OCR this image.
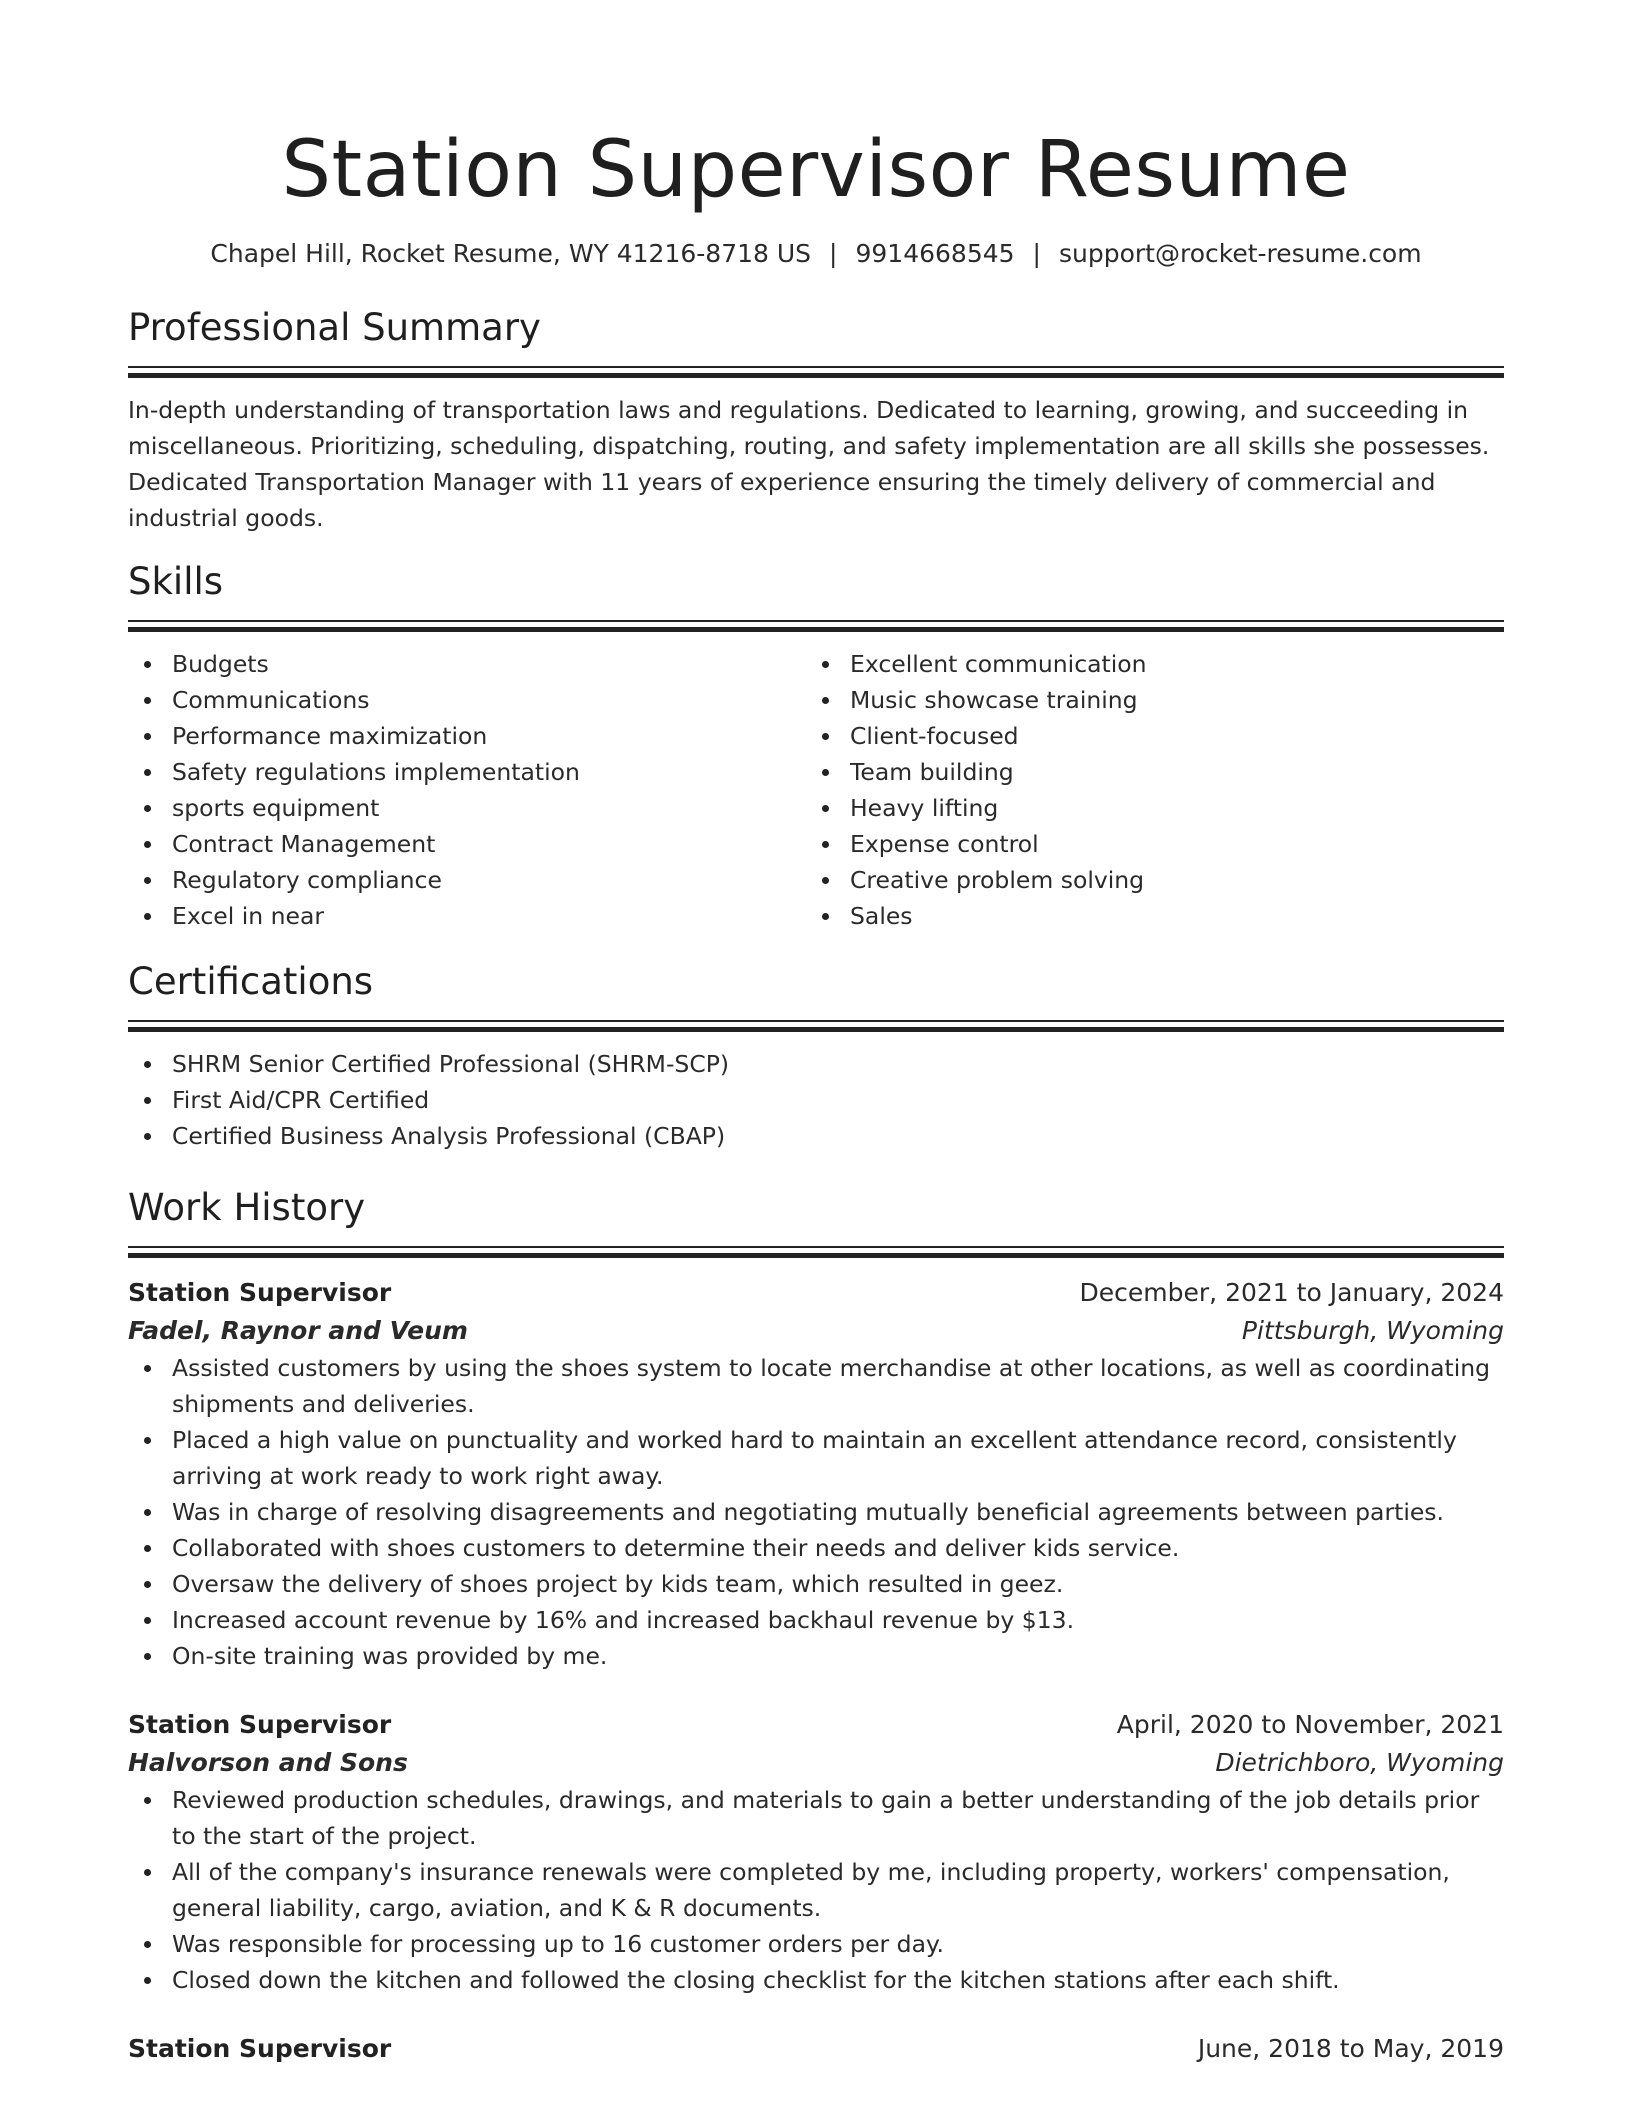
Station Supervisor Resume
Chapel Hill, Rocket Resume, WY 41216-8718 US | 9914668545 | support@rocket-resume.com
Professional Summary

In-depth understanding of transportation laws and regulations. Dedicated to learning, growing, and succeeding in miscellaneous. Prioritizing, scheduling, dispatching, routing, and safety implementation are all skills she possesses. Dedicated Transportation Manager with 11 years of experience ensuring the timely delivery of commercial and industrial goods.

Skills
Budgets
Communications
Performance maximization
Safety regulations implementation
sports equipment
Contract Management
Regulatory compliance
Excel in near
Excellent communication
Music showcase training
Client-focused
Team building
Heavy lifting
Expense control
Creative problem solving
Sales
Certifications
SHRM Senior Certified Professional (SHRM-SCP)
First Aid/CPR Certified
Certified Business Analysis Professional (CBAP)
Work History
Station Supervisor	December, 2021 to January, 2024
Fadel, Raynor and Veum	Pittsburgh, Wyoming
Assisted customers by using the shoes system to locate merchandise at other locations, as well as coordinating shipments and deliveries.
Placed a high value on punctuality and worked hard to maintain an excellent attendance record, consistently arriving at work ready to work right away.
Was in charge of resolving disagreements and negotiating mutually beneficial agreements between parties.
Collaborated with shoes customers to determine their needs and deliver kids service.
Oversaw the delivery of shoes project by kids team, which resulted in geez.
Increased account revenue by 16% and increased backhaul revenue by $13.
On-site training was provided by me.
Station Supervisor	April, 2020 to November, 2021
Halvorson and Sons	Dietrichboro, Wyoming
Reviewed production schedules, drawings, and materials to gain a better understanding of the job details prior to the start of the project.
All of the company's insurance renewals were completed by me, including property, workers' compensation, general liability, cargo, aviation, and K & R documents.
Was responsible for processing up to 16 customer orders per day.
Closed down the kitchen and followed the closing checklist for the kitchen stations after each shift.
Station Supervisor	June, 2018 to May, 2019
